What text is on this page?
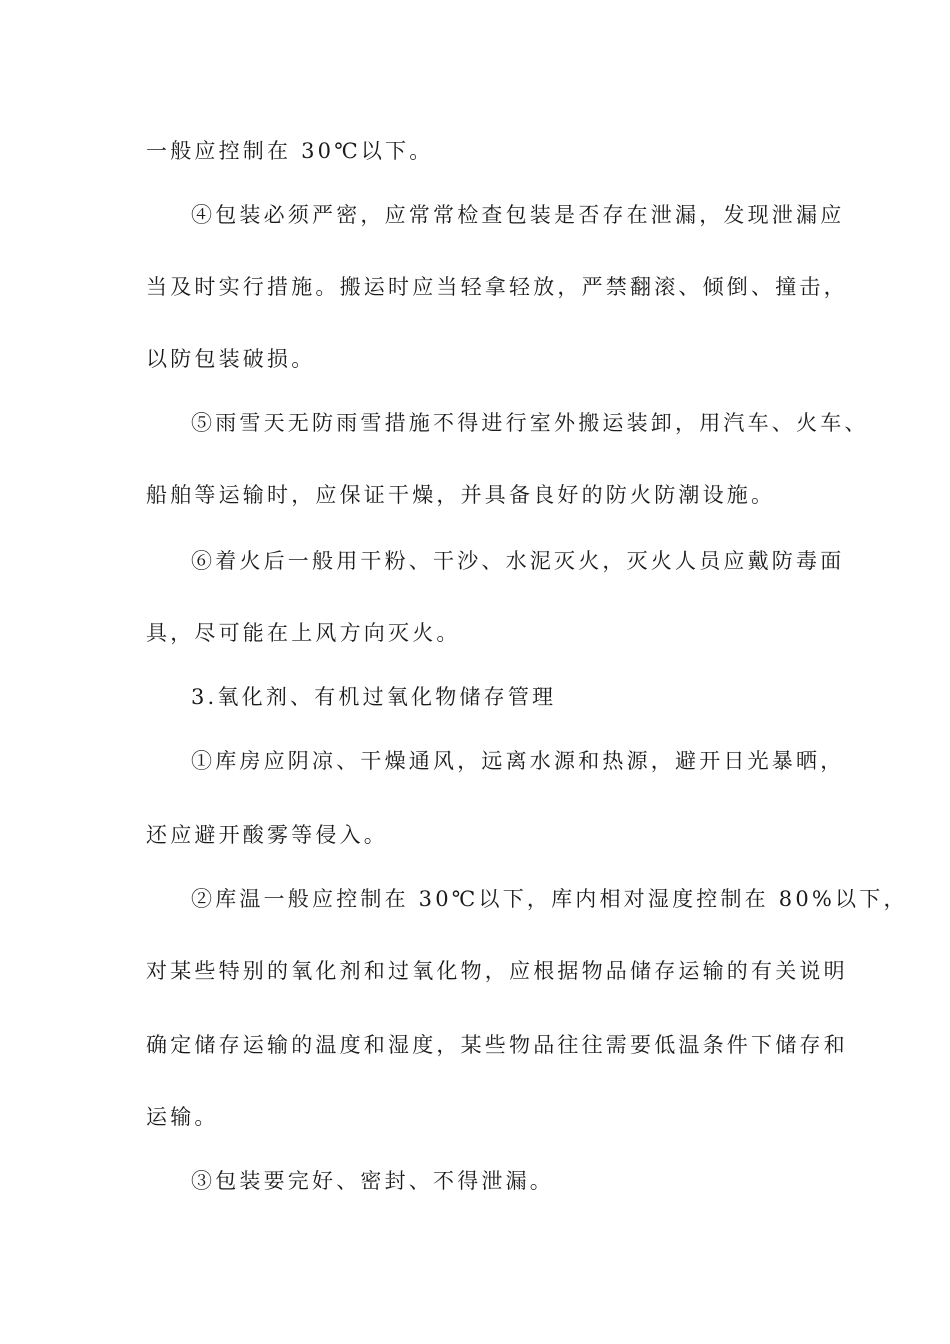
一般应控制在 30℃以下。
④包装必须严密，应常常检查包装是否存在泄漏，发现泄漏应
当及时实行措施。搬运时应当轻拿轻放，严禁翻滚、倾倒、撞击，
以防包装破损。
⑤雨雪天无防雨雪措施不得进行室外搬运装卸，用汽车、火车、
船舶等运输时，应保证干燥，并具备良好的防火防潮设施。
⑥着火后一般用干粉、干沙、水泥灭火，灭火人员应戴防毒面
具，尽可能在上风方向灭火。
3.氧化剂、有机过氧化物储存管理
①库房应阴凉、干燥通风，远离水源和热源，避开日光暴晒，
还应避开酸雾等侵入。
②库温一般应控制在 30℃以下，库内相对湿度控制在 80%以下，
对某些特别的氧化剂和过氧化物，应根据物品储存运输的有关说明
确定储存运输的温度和湿度，某些物品往往需要低温条件下储存和
运输。
③包装要完好、密封、不得泄漏。
